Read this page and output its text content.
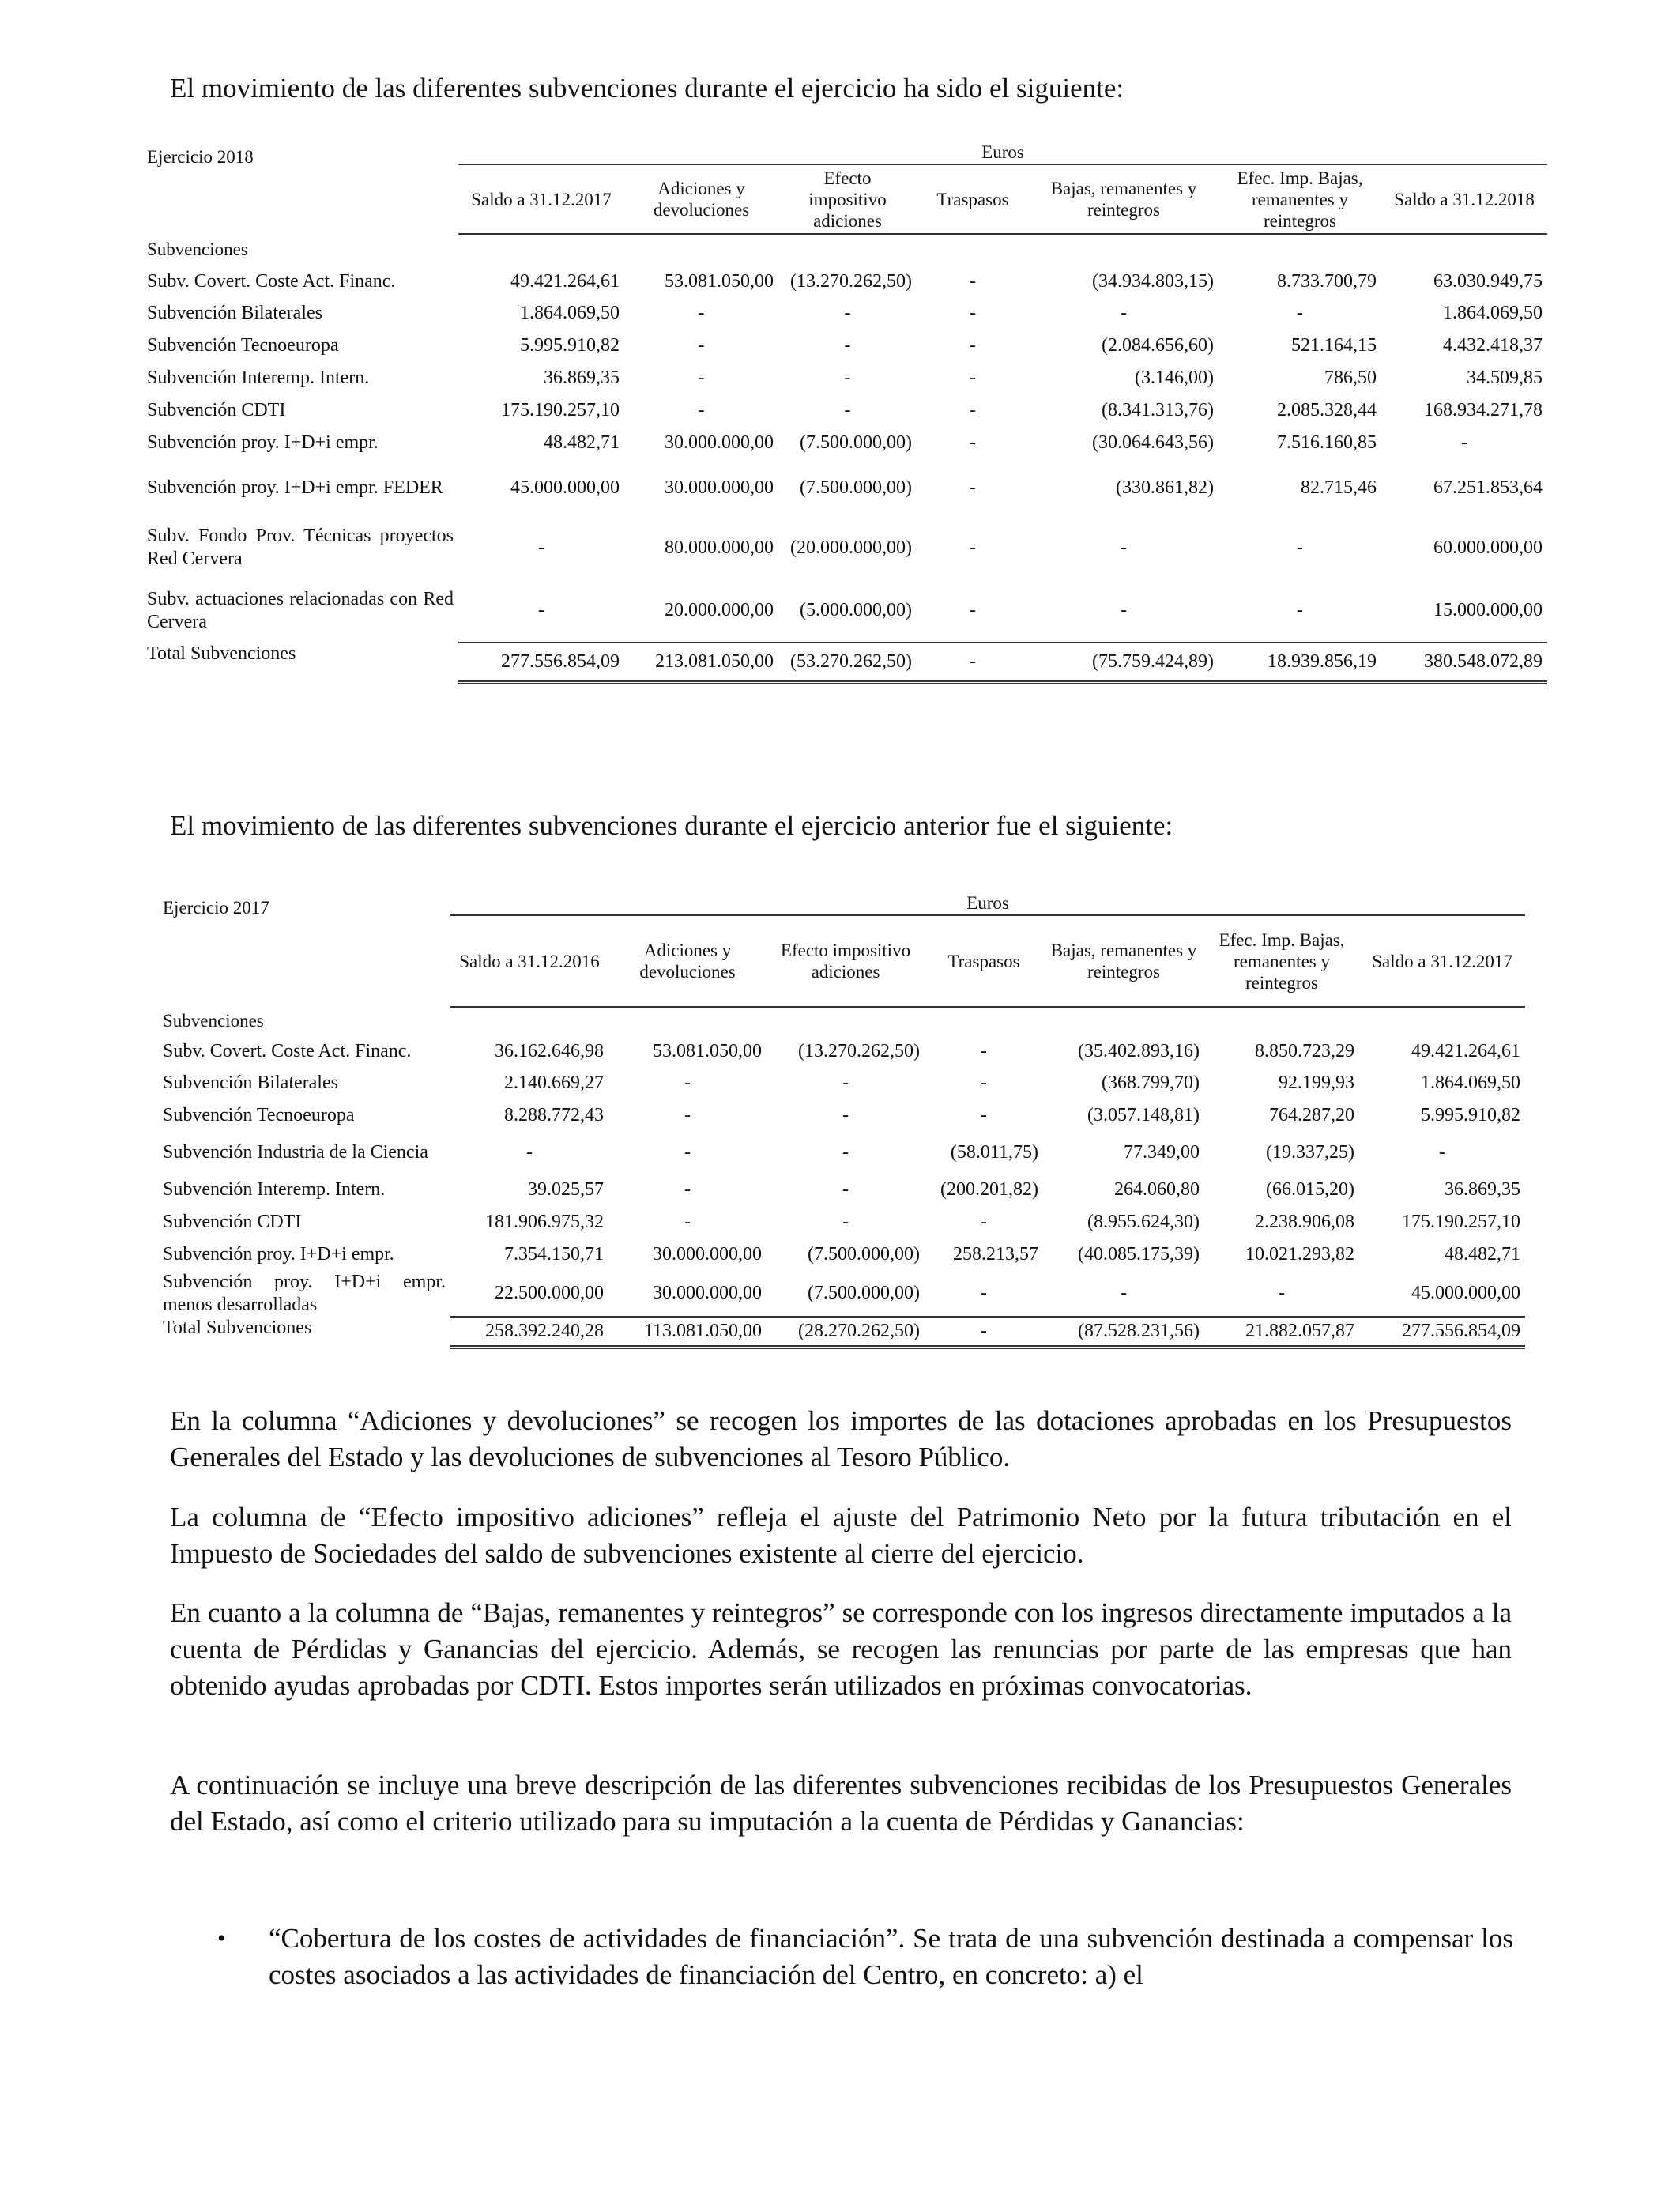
El movimiento de las diferentes subvenciones durante el ejercicio ha sido el siguiente:

Ejercicio 2018	Euros						
	Saldo a 31.12.2017	Adiciones y devoluciones	Efecto impositivo adiciones	Traspasos	Bajas, remanentes y reintegros	Efec. Imp. Bajas, remanentes y reintegros	Saldo a 31.12.2018
Subvenciones							
Subv. Covert. Coste Act. Financ.	49.421.264,61	53.081.050,00	(13.270.262,50)	-	(34.934.803,15)	8.733.700,79	63.030.949,75
Subvención Bilaterales	1.864.069,50	-	-	-	-	-	1.864.069,50
Subvención Tecnoeuropa	5.995.910,82	-	-	-	(2.084.656,60)	521.164,15	4.432.418,37
Subvención Interemp. Intern.	36.869,35	-	-	-	(3.146,00)	786,50	34.509,85
Subvención CDTI	175.190.257,10	-	-	-	(8.341.313,76)	2.085.328,44	168.934.271,78
Subvención proy. I+D+i empr.	48.482,71	30.000.000,00	(7.500.000,00)	-	(30.064.643,56)	7.516.160,85	-
Subvención proy. I+D+i empr. FEDER	45.000.000,00	30.000.000,00	(7.500.000,00)	-	(330.861,82)	82.715,46	67.251.853,64
Subv. Fondo Prov. Técnicas proyectos Red Cervera	-	80.000.000,00	(20.000.000,00)	-	-	-	60.000.000,00
Subv. actuaciones relacionadas con Red Cervera	-	20.000.000,00	(5.000.000,00)	-	-	-	15.000.000,00
Total Subvenciones	277.556.854,09	213.081.050,00	(53.270.262,50)	-	(75.759.424,89)	18.939.856,19	380.548.072,89

El movimiento de las diferentes subvenciones durante el ejercicio anterior fue el siguiente:

Ejercicio 2017	Euros						
	Saldo a 31.12.2016	Adiciones y devoluciones	Efecto impositivo adiciones	Traspasos	Bajas, remanentes y reintegros	Efec. Imp. Bajas, remanentes y reintegros	Saldo a 31.12.2017
Subvenciones							
Subv. Covert. Coste Act. Financ.	36.162.646,98	53.081.050,00	(13.270.262,50)	-	(35.402.893,16)	8.850.723,29	49.421.264,61
Subvención Bilaterales	2.140.669,27	-	-	-	(368.799,70)	92.199,93	1.864.069,50
Subvención Tecnoeuropa	8.288.772,43	-	-	-	(3.057.148,81)	764.287,20	5.995.910,82
Subvención Industria de la Ciencia	-	-	-	(58.011,75)	77.349,00	(19.337,25)	-
Subvención Interemp. Intern.	39.025,57	-	-	(200.201,82)	264.060,80	(66.015,20)	36.869,35
Subvención CDTI	181.906.975,32	-	-	-	(8.955.624,30)	2.238.906,08	175.190.257,10
Subvención proy. I+D+i empr.	7.354.150,71	30.000.000,00	(7.500.000,00)	258.213,57	(40.085.175,39)	10.021.293,82	48.482,71
Subvención proy. I+D+i empr. menos desarrolladas	22.500.000,00	30.000.000,00	(7.500.000,00)	-	-	-	45.000.000,00
Total Subvenciones	258.392.240,28	113.081.050,00	(28.270.262,50)	-	(87.528.231,56)	21.882.057,87	277.556.854,09

En la columna “Adiciones y devoluciones” se recogen los importes de las dotaciones aprobadas en los Presupuestos Generales del Estado y las devoluciones de subvenciones al Tesoro Público.

La columna de “Efecto impositivo adiciones” refleja el ajuste del Patrimonio Neto por la futura tributación en el Impuesto de Sociedades del saldo de subvenciones existente al cierre del ejercicio.

En cuanto a la columna de “Bajas, remanentes y reintegros” se corresponde con los ingresos directamente imputados a la cuenta de Pérdidas y Ganancias del ejercicio. Además, se recogen las renuncias por parte de las empresas que han obtenido ayudas aprobadas por CDTI. Estos importes serán utilizados en próximas convocatorias.

A continuación se incluye una breve descripción de las diferentes subvenciones recibidas de los Presupuestos Generales del Estado, así como el criterio utilizado para su imputación a la cuenta de Pérdidas y Ganancias:

• “Cobertura de los costes de actividades de financiación”. Se trata de una subvención destinada a compensar los costes asociados a las actividades de financiación del Centro, en concreto: a) el
